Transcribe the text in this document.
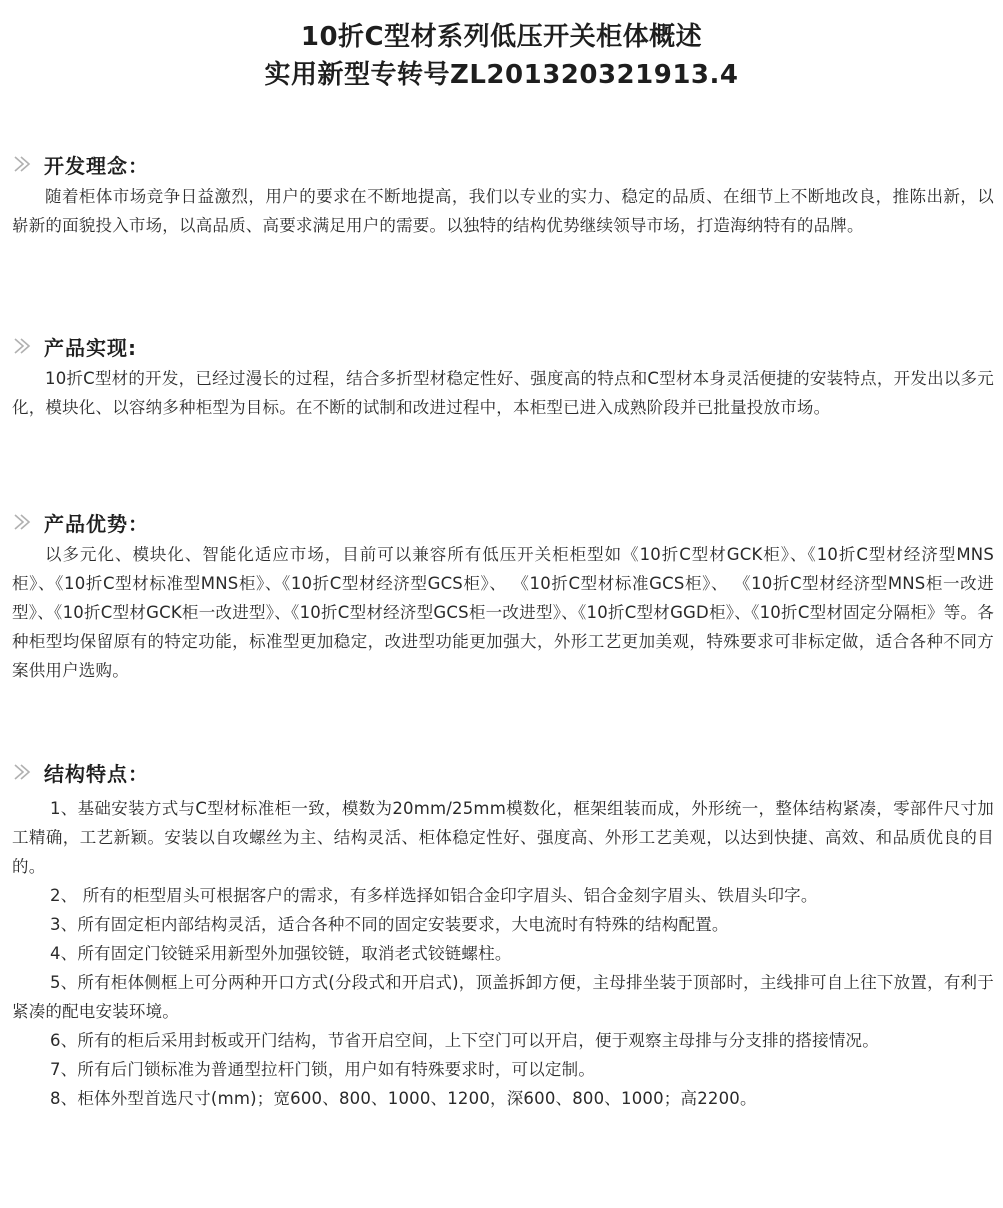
10折C型材系列低压开关柜体概述
实用新型专转号ZL201320321913.4
开发理念：

随着柜体市场竞争日益激烈，用户的要求在不断地提高，我们以专业的实力、稳定的品质、在细节上不断地改良，推陈出新，以崭新的面貌投入市场，以高品质、高要求满足用户的需要。以独特的结构优势继续领导市场，打造海纳特有的品牌。

产品实现:

10折C型材的开发，已经过漫长的过程，结合多折型材稳定性好、强度高的特点和C型材本身灵活便捷的安装特点，开发出以多元化，模块化、以容纳多种柜型为目标。在不断的试制和改进过程中，本柜型已进入成熟阶段并已批量投放市场。

产品优势：

以多元化、模块化、智能化适应市场，目前可以兼容所有低压开关柜柜型如《10折C型材GCK柜》、《10折C型材经济型MNS柜》、《10折C型材标准型MNS柜》、《10折C型材经济型GCS柜》、 《10折C型材标准GCS柜》、 《10折C型材经济型MNS柜一改进型》、《10折C型材GCK柜一改进型》、《10折C型材经济型GCS柜一改进型》、《10折C型材GGD柜》、《10折C型材固定分隔柜》等。各种柜型均保留原有的特定功能，标准型更加稳定，改进型功能更加强大，外形工艺更加美观，特殊要求可非标定做，适合各种不同方案供用户选购。

结构特点：

1、基础安装方式与C型材标准柜一致，模数为20mm/25mm模数化，框架组装而成，外形统一，整体结构紧凑，零部件尺寸加工精确，工艺新颖。安装以自攻螺丝为主、结构灵活、柜体稳定性好、强度高、外形工艺美观，以达到快捷、高效、和品质优良的目的。

2、 所有的柜型眉头可根据客户的需求，有多样选择如铝合金印字眉头、铝合金刻字眉头、铁眉头印字。

3、所有固定柜内部结构灵活，适合各种不同的固定安装要求，大电流时有特殊的结构配置。

4、所有固定门铰链采用新型外加强铰链，取消老式铰链螺柱。

5、所有柜体侧框上可分两种开口方式(分段式和开启式)，顶盖拆卸方便，主母排坐装于顶部时，主线排可自上往下放置，有利于紧凑的配电安装环境。

6、所有的柜后采用封板或开门结构，节省开启空间，上下空门可以开启，便于观察主母排与分支排的搭接情况。

7、所有后门锁标准为普通型拉杆门锁，用户如有特殊要求时，可以定制。

8、柜体外型首选尺寸(mm)；宽600、800、1000、1200，深600、800、1000；高2200。
